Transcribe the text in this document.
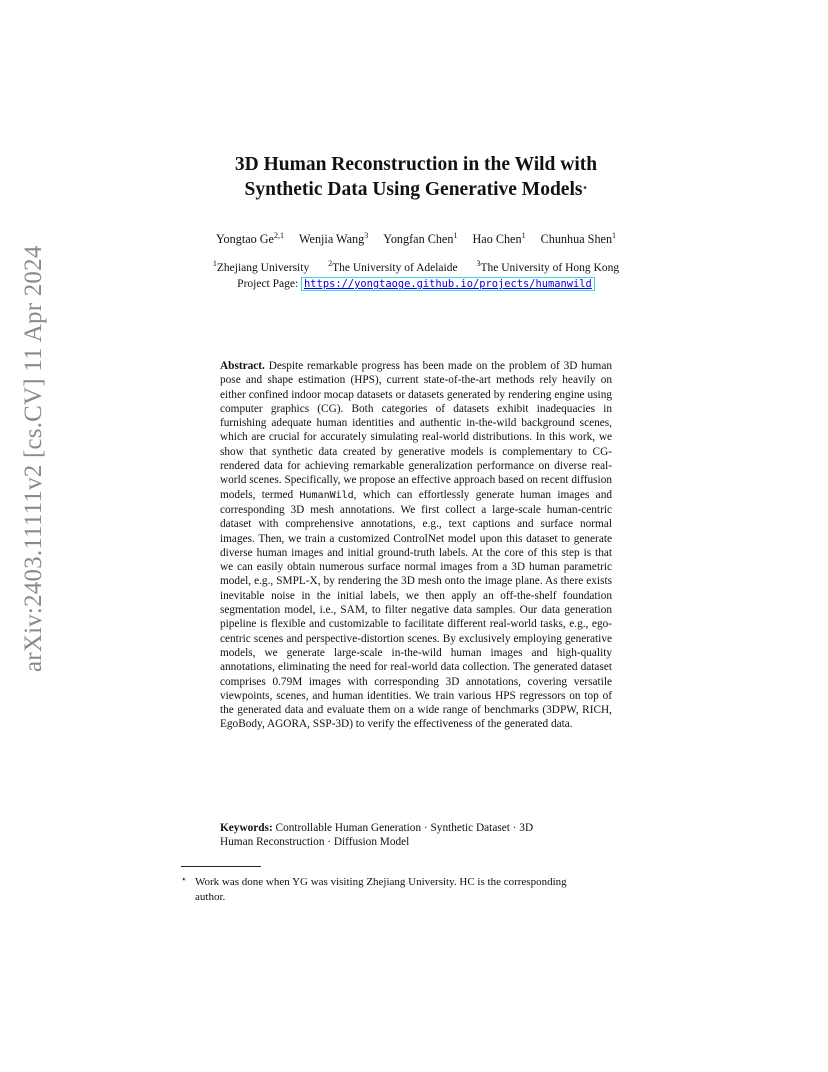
arXiv:2403.11111v2 [cs.CV] 11 Apr 2024
3D Human Reconstruction in the Wild with
Synthetic Data Using Generative Models⋆
Yongtao Ge$^{2,1}$ Wenjia Wang$^3$ Yongfan Chen$^1$ Hao Chen$^1$ Chunhua Shen$^1$
$^1$Zhejiang University $^2$The University of Adelaide $^3$The University of Hong Kong
Project Page: https://yongtaoge.github.io/projects/humanwild
Abstract. Despite remarkable progress has been made on the problem of 3D human pose and shape estimation (HPS), current state-of-the-art methods rely heavily on either confined indoor mocap datasets or datasets generated by rendering engine using computer graphics (CG). Both categories of datasets exhibit inadequacies in furnishing adequate human identities and authentic in-the-wild background scenes, which are crucial for accurately simulating real-world distributions. In this work, we show that synthetic data created by generative models is complementary to CG-rendered data for achieving remarkable generalization performance on diverse real-world scenes. Specifically, we propose an effective approach based on recent diffusion models, termed HumanWild, which can effortlessly generate human images and corresponding 3D mesh annotations. We first collect a large-scale human-centric dataset with comprehensive annotations, e.g., text captions and surface normal images. Then, we train a customized ControlNet model upon this dataset to generate diverse human images and initial ground-truth labels. At the core of this step is that we can easily obtain numerous surface normal images from a 3D human parametric model, e.g., SMPL-X, by rendering the 3D mesh onto the image plane. As there exists inevitable noise in the initial labels, we then apply an off-the-shelf foundation segmentation model, i.e., SAM, to filter negative data samples. Our data generation pipeline is flexible and customizable to facilitate different real-world tasks, e.g., ego-centric scenes and perspective-distortion scenes. By exclusively employing generative models, we generate large-scale in-the-wild human images and high-quality annotations, eliminating the need for real-world data collection. The generated dataset comprises 0.79M images with corresponding 3D annotations, covering versatile viewpoints, scenes, and human identities. We train various HPS regressors on top of the generated data and evaluate them on a wide range of benchmarks (3DPW, RICH, EgoBody, AGORA, SSP-3D) to verify the effectiveness of the generated data.
Keywords: Controllable Human Generation · Synthetic Dataset · 3D
Human Reconstruction · Diffusion Model
⋆ Work was done when YG was visiting Zhejiang University. HC is the corresponding
author.
